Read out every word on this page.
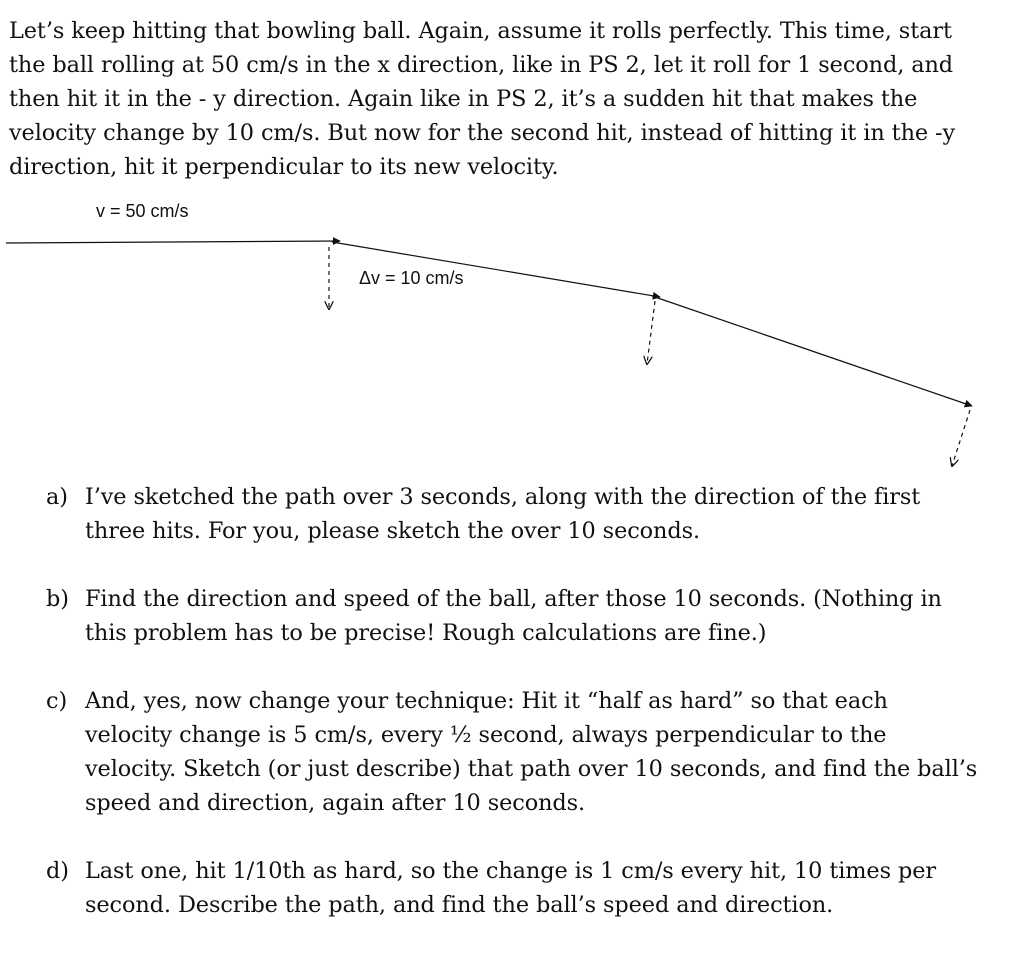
Let’s keep hitting that bowling ball. Again, assume it rolls perfectly. This time, start
the ball rolling at 50 cm/s in the x direction, like in PS 2, let it roll for 1 second, and
then hit it in the - y direction. Again like in PS 2, it’s a sudden hit that makes the
velocity change by 10 cm/s. But now for the second hit, instead of hitting it in the -y
direction, hit it perpendicular to its new velocity.
v = 50 cm/s
Δv = 10 cm/s
a) I’ve sketched the path over 3 seconds, along with the direction of the first
three hits. For you, please sketch the over 10 seconds.
b) Find the direction and speed of the ball, after those 10 seconds. (Nothing in
this problem has to be precise! Rough calculations are fine.)
c) And, yes, now change your technique: Hit it “half as hard” so that each
velocity change is 5 cm/s, every ½ second, always perpendicular to the
velocity. Sketch (or just describe) that path over 10 seconds, and find the ball’s
speed and direction, again after 10 seconds.
d) Last one, hit 1/10th as hard, so the change is 1 cm/s every hit, 10 times per
second. Describe the path, and find the ball’s speed and direction.
